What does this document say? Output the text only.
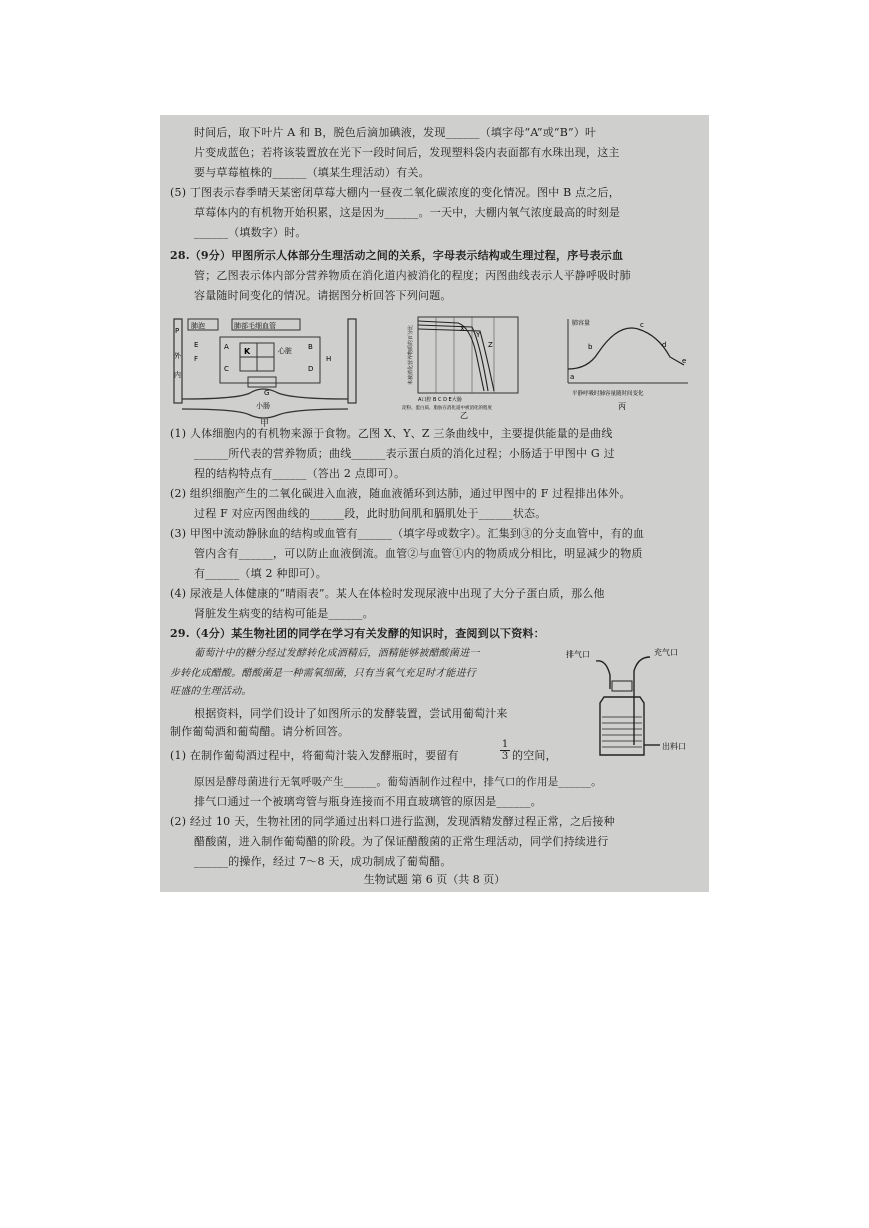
时间后，取下叶片 A 和 B，脱色后滴加碘液，发现______（填字母“A”或“B”）叶
片变成蓝色；若将该装置放在光下一段时间后，发现塑料袋内表面都有水珠出现，这主
要与草莓植株的______（填某生理活动）有关。
(5) 丁图表示春季晴天某密闭草莓大棚内一昼夜二氧化碳浓度的变化情况。图中 B 点之后，
草莓体内的有机物开始积累，这是因为______。一天中，大棚内氧气浓度最高的时刻是
______（填数字）时。
28.（9分）甲图所示人体部分生理活动之间的关系，字母表示结构或生理过程，序号表示血
管；乙图表示体内部分营养物质在消化道内被消化的程度；丙图曲线表示人平静呼吸时肺
容量随时间变化的情况。请据图分析回答下列问题。
P
外
内
肺泡	肺部毛细血管
心脏
K
A	B
C	D
E
F
G
H
小肠
甲
X
Y
Z
未被消化营养物质的百分比
A口腔 B C D E大肠
淀粉、蛋白质、脂肪在消化道中被消化的程度
乙
肺容量
a
b
c
d
e
平静呼吸时肺容量随时间变化
丙
(1) 人体细胞内的有机物来源于食物。乙图 X、Y、Z 三条曲线中，主要提供能量的是曲线
______所代表的营养物质；曲线______表示蛋白质的消化过程；小肠适于甲图中 G 过
程的结构特点有______（答出 2 点即可）。
(2) 组织细胞产生的二氧化碳进入血液，随血液循环到达肺，通过甲图中的 F 过程排出体外。
过程 F 对应丙图曲线的______段，此时肋间肌和膈肌处于______状态。
(3) 甲图中流动静脉血的结构或血管有______（填字母或数字）。汇集到③的分支血管中，有的血
管内含有______，可以防止血液倒流。血管②与血管①内的物质成分相比，明显减少的物质
有______（填 2 种即可）。
(4) 尿液是人体健康的“晴雨表”。某人在体检时发现尿液中出现了大分子蛋白质，那么他
肾脏发生病变的结构可能是______。
29.（4分）某生物社团的同学在学习有关发酵的知识时，查阅到以下资料：
葡萄汁中的糖分经过发酵转化成酒精后，酒精能够被醋酸菌进一
步转化成醋酸。醋酸菌是一种需氧细菌，只有当氧气充足时才能进行
旺盛的生理活动。
根据资料，同学们设计了如图所示的发酵装置，尝试用葡萄汁来
制作葡萄酒和葡萄醋。请分析回答。
排气口	充气口
出料口
(1) 在制作葡萄酒过程中，将葡萄汁装入发酵瓶时，要留有	$\frac{1}{3}$ 的空间，
原因是酵母菌进行无氧呼吸产生______。葡萄酒制作过程中，排气口的作用是______。
排气口通过一个被璃弯管与瓶身连接而不用直玻璃管的原因是______。
(2) 经过 10 天，生物社团的同学通过出料口进行监测，发现酒精发酵过程正常，之后接种
醋酸菌，进入制作葡萄醋的阶段。为了保证醋酸菌的正常生理活动，同学们持续进行
______的操作，经过 7～8 天，成功制成了葡萄醋。
生物试题 第 6 页（共 8 页）
